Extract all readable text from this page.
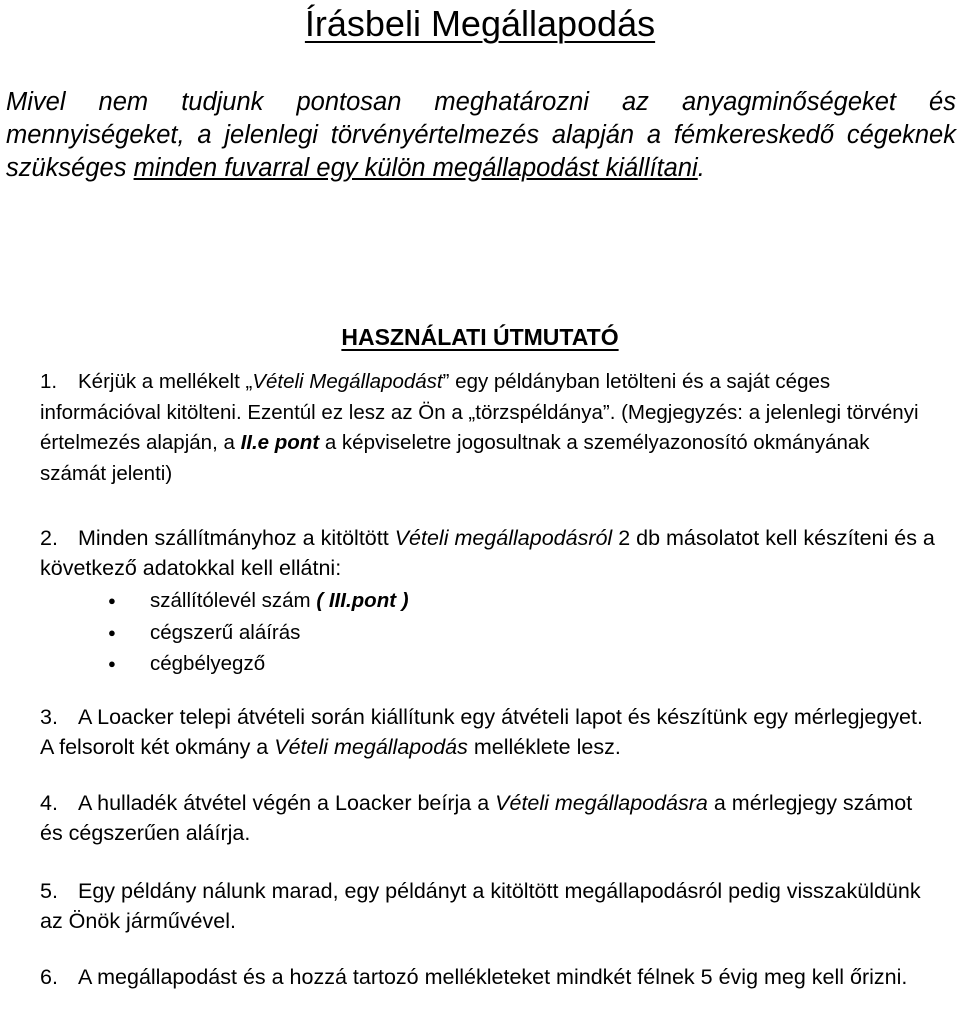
Írásbeli Megállapodás

Mivel nem tudjunk pontosan meghatározni az anyagminőségeket és mennyiségeket, a jelenlegi törvényértelmezés alapján a fémkereskedő cégeknek szükséges minden fuvarral egy külön megállapodást kiállítani.

HASZNÁLATI ÚTMUTATÓ

1. Kérjük a mellékelt „Vételi Megállapodást” egy példányban letölteni és a saját céges információval kitölteni. Ezentúl ez lesz az Ön a „törzspéldánya”. (Megjegyzés: a jelenlegi törvényi értelmezés alapján, a II.e pont a képviseletre jogosultnak a személyazonosító okmányának számát jelenti)

2. Minden szállítmányhoz a kitöltött Vételi megállapodásról 2 db másolatot kell készíteni és a következő adatokkal kell ellátni:

● szállítólevél szám ( III.pont )
● cégszerű aláírás
● cégbélyegző

3. A Loacker telepi átvételi során kiállítunk egy átvételi lapot és készítünk egy mérlegjegyet. A felsorolt két okmány a Vételi megállapodás melléklete lesz.

4. A hulladék átvétel végén a Loacker beírja a Vételi megállapodásra a mérlegjegy számot és cégszerűen aláírja.

5. Egy példány nálunk marad, egy példányt a kitöltött megállapodásról pedig visszaküldünk az Önök járművével.

6. A megállapodást és a hozzá tartozó mellékleteket mindkét félnek 5 évig meg kell őrizni.
